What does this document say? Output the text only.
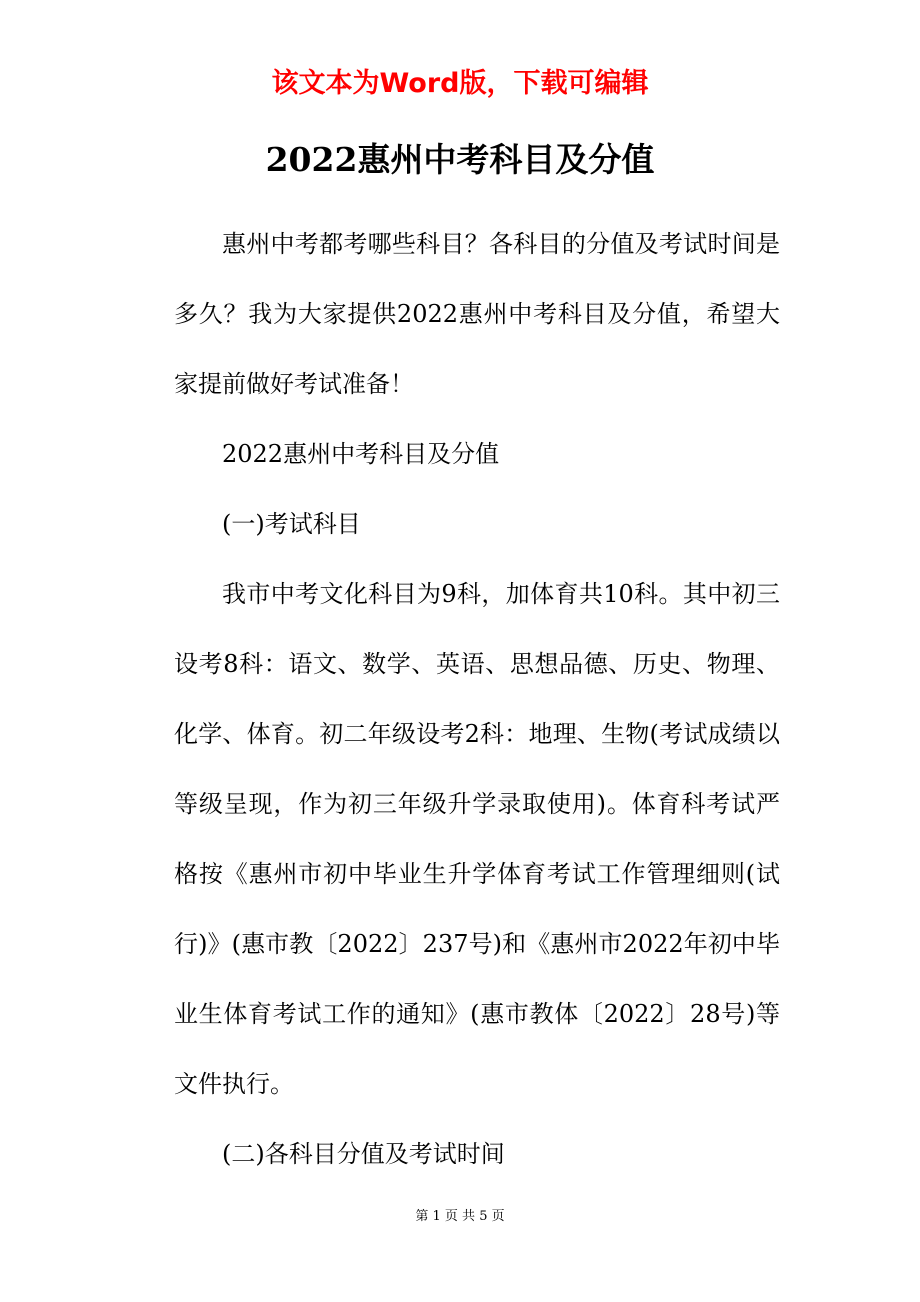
该文本为Word版，下载可编辑
2022惠州中考科目及分值

惠州中考都考哪些科目？各科目的分值及考试时间是多久？我为大家提供2022惠州中考科目及分值，希望大家提前做好考试准备！

2022惠州中考科目及分值

(一)考试科目

我市中考文化科目为9科，加体育共10科。其中初三设考8科：语文、数学、英语、思想品德、历史、物理、化学、体育。初二年级设考2科：地理、生物(考试成绩以等级呈现，作为初三年级升学录取使用)。体育科考试严格按《惠州市初中毕业生升学体育考试工作管理细则(试行)》(惠市教〔2022〕237号)和《惠州市2022年初中毕业生体育考试工作的通知》(惠市教体〔2022〕28号)等文件执行。

(二)各科目分值及考试时间

第 1 页 共 5 页
